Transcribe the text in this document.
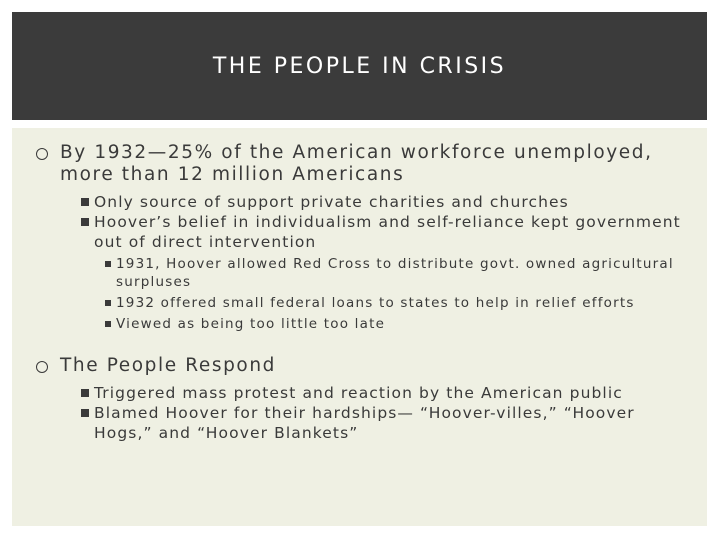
THE PEOPLE IN CRISIS
By 1932—25% of the American workforce unemployed, more than 12 million Americans
Only source of support private charities and churches
Hoover’s belief in individualism and self-reliance kept government out of direct intervention
1931, Hoover allowed Red Cross to distribute govt. owned agricultural surpluses
1932 offered small federal loans to states to help in relief efforts
Viewed as being too little too late
The People Respond
Triggered mass protest and reaction by the American public
Blamed Hoover for their hardships— “Hoover-villes,” “Hoover Hogs,” and “Hoover Blankets”
